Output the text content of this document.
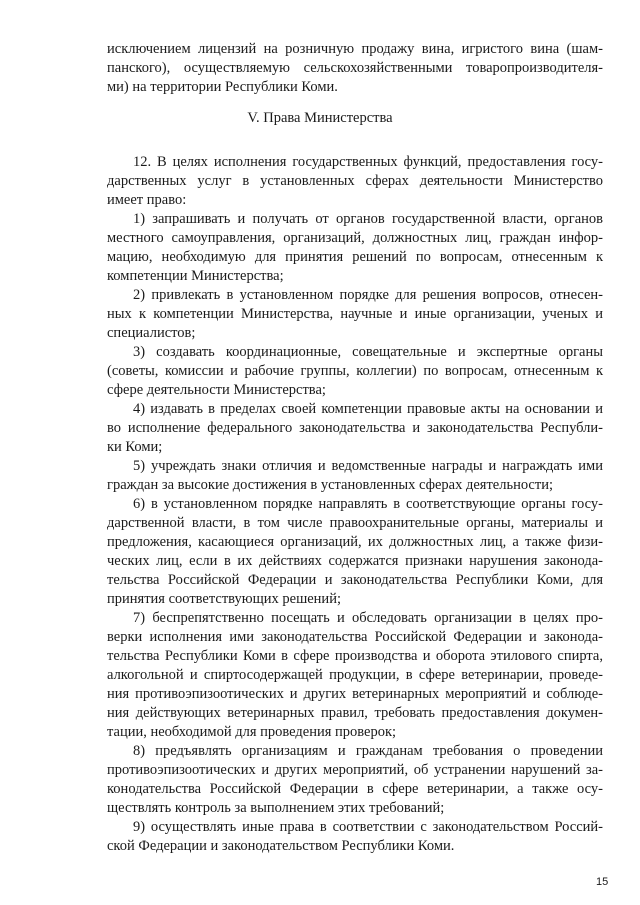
исключением лицензий на розничную продажу вина, игристого вина (шам-
панского), осуществляемую сельскохозяйственными товаропроизводителя-
ми) на территории Республики Коми.
V. Права Министерства
12. В целях исполнения государственных функций, предоставления госу-
дарственных услуг в установленных сферах деятельности Министерство
имеет право:
1) запрашивать и получать от органов государственной власти, органов
местного самоуправления, организаций, должностных лиц, граждан инфор-
мацию, необходимую для принятия решений по вопросам, отнесенным к
компетенции Министерства;
2) привлекать в установленном порядке для решения вопросов, отнесен-
ных к компетенции Министерства, научные и иные организации, ученых и
специалистов;
3) создавать координационные, совещательные и экспертные органы
(советы, комиссии и рабочие группы, коллегии) по вопросам, отнесенным к
сфере деятельности Министерства;
4) издавать в пределах своей компетенции правовые акты на основании и
во исполнение федерального законодательства и законодательства Республи-
ки Коми;
5) учреждать знаки отличия и ведомственные награды и награждать ими
граждан за высокие достижения в установленных сферах деятельности;
6) в установленном порядке направлять в соответствующие органы госу-
дарственной власти, в том числе правоохранительные органы, материалы и
предложения, касающиеся организаций, их должностных лиц, а также физи-
ческих лиц, если в их действиях содержатся признаки нарушения законода-
тельства Российской Федерации и законодательства Республики Коми, для
принятия соответствующих решений;
7) беспрепятственно посещать и обследовать организации в целях про-
верки исполнения ими законодательства Российской Федерации и законода-
тельства Республики Коми в сфере производства и оборота этилового спирта,
алкогольной и спиртосодержащей продукции, в сфере ветеринарии, проведе-
ния противоэпизоотических и других ветеринарных мероприятий и соблюде-
ния действующих ветеринарных правил, требовать предоставления докумен-
тации, необходимой для проведения проверок;
8) предъявлять организациям и гражданам требования о проведении
противоэпизоотических и других мероприятий, об устранении нарушений за-
конодательства Российской Федерации в сфере ветеринарии, а также осу-
ществлять контроль за выполнением этих требований;
9) осуществлять иные права в соответствии с законодательством Россий-
ской Федерации и законодательством Республики Коми.
15
